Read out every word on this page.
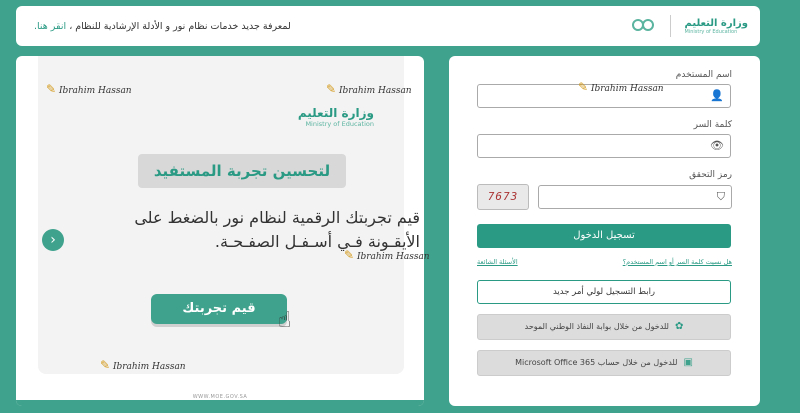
لمعرفة جديد خدمات نظام نور و الأدلة الإرشادية للنظام ، انقر هنا.	وزارة التعليم
Ministry of Education
وزارة التعليم
Ministry of Education
لتحسين تجربة المستفيد
قيم تجربتك الرقمية لنظام نور بالضغط على الأيقـونة فـي أسـفـل الصفـحـة.
›
قيم تجربتك	☝
WWW.MOE.GOV.SA
اسم المستخدم
👤
كلمة السر
👁
رمز التحقق
7673	⛉
تسجيل الدخول
هل نسيت كلمة السر أو اسم المستخدم؟
الأسئلة الشائعة
رابط التسجيل لولي أمر جديد
✿
للدخول من خلال بوابة النفاذ الوطني الموحد
▣
للدخول من خلال حساب Microsoft Office 365
✎ Ibrahim Hassan	✎ Ibrahim Hassan	✎ Ibrahim Hassan
✎ Ibrahim Hassan
✎ Ibrahim Hassan
